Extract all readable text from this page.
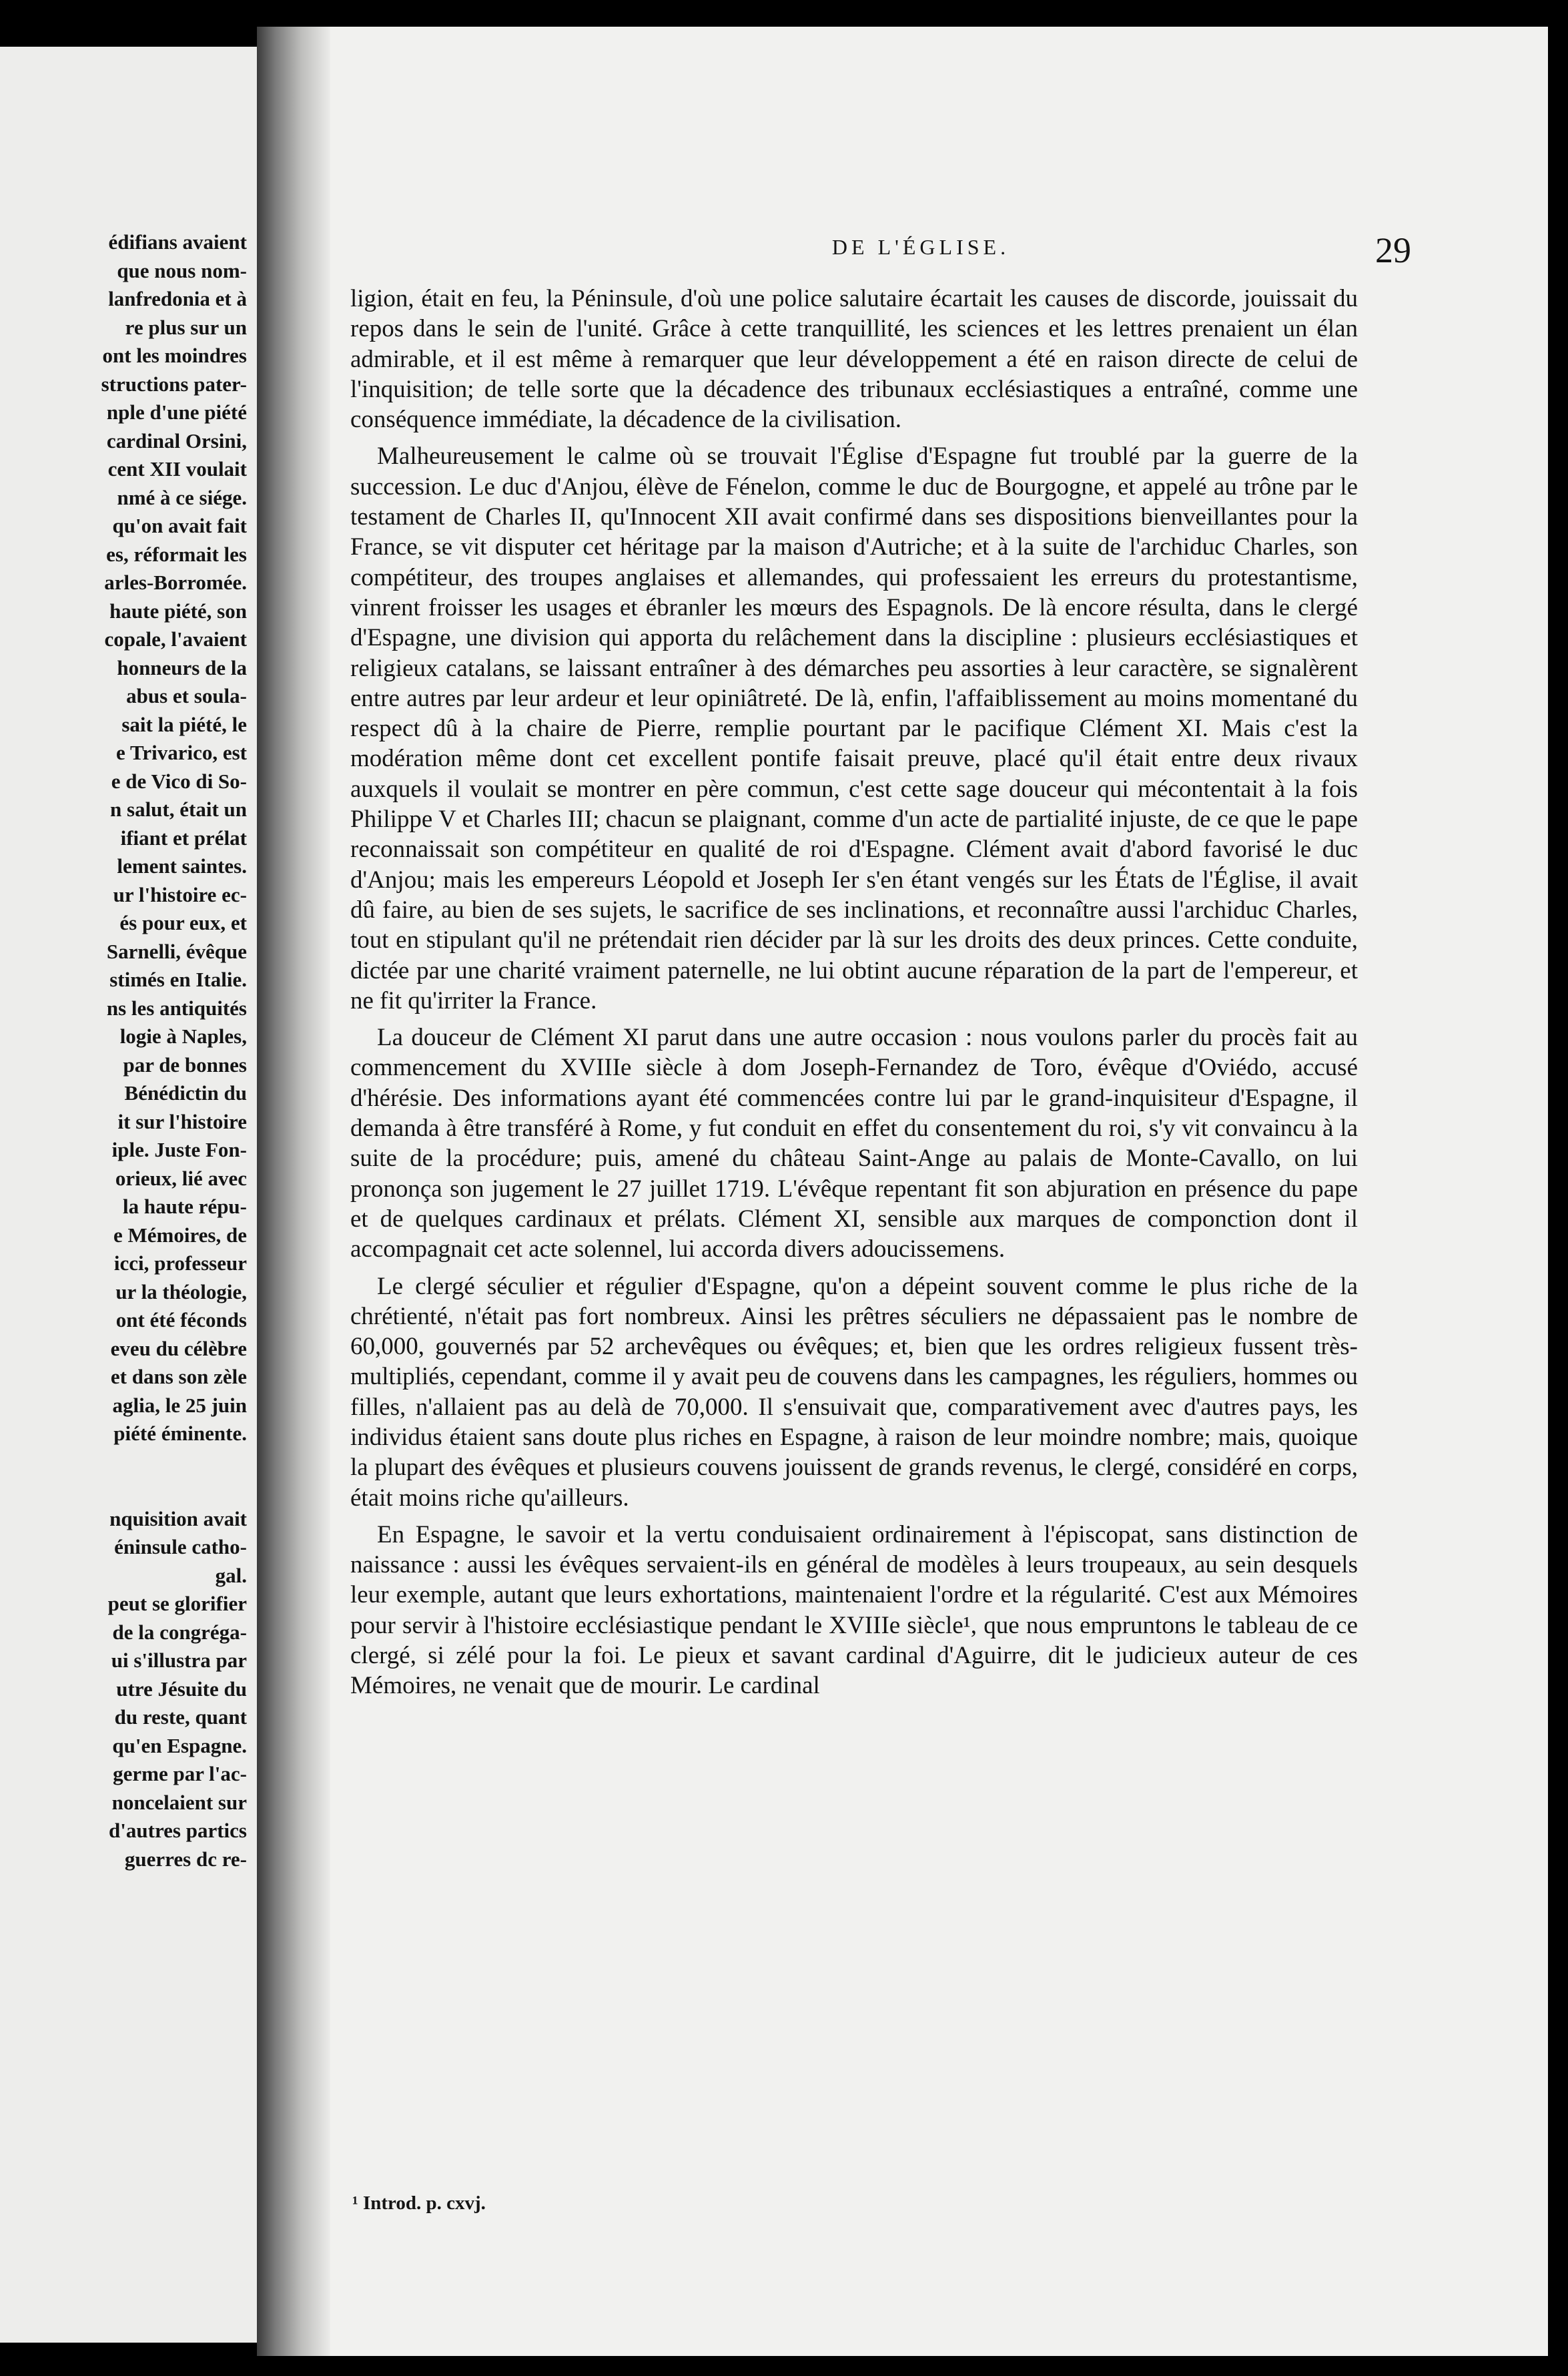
édifians avaient
que nous nom-
lanfredonia et à
re plus sur un
ont les moindres
structions pater-
nple d'une piété
cardinal Orsini,
cent XII voulait
nmé à ce siége.
qu'on avait fait
es, réformait les
arles-Borromée.
haute piété, son
copale, l'avaient
honneurs de la
abus et soula-
sait la piété, le
e Trivarico, est
e de Vico di So-
n salut, était un
ifiant et prélat
lement saintes.
ur l'histoire ec-
és pour eux, et
Sarnelli, évêque
stimés en Italie.
ns les antiquités
logie à Naples,
par de bonnes
Bénédictin du
it sur l'histoire
iple. Juste Fon-
orieux, lié avec
la haute répu-
e Mémoires, de
icci, professeur
ur la théologie,
ont été féconds
eveu du célèbre
et dans son zèle
aglia, le 25 juin
piété éminente.
nquisition avait
éninsule catho-
gal.
peut se glorifier
de la congréga-
ui s'illustra par
utre Jésuite du
du reste, quant
qu'en Espagne.
germe par l'ac-
noncelaient sur
d'autres partics
guerres dc re-
DE L'ÉGLISE.	29

ligion, était en feu, la Péninsule, d'où une police salutaire écartait les causes de discorde, jouissait du repos dans le sein de l'unité. Grâce à cette tranquillité, les sciences et les lettres prenaient un élan admirable, et il est même à remarquer que leur développement a été en raison directe de celui de l'inquisition; de telle sorte que la décadence des tribunaux ecclésiastiques a entraîné, comme une conséquence immédiate, la décadence de la civilisation.

Malheureusement le calme où se trouvait l'Église d'Espagne fut troublé par la guerre de la succession. Le duc d'Anjou, élève de Fénelon, comme le duc de Bourgogne, et appelé au trône par le testament de Charles II, qu'Innocent XII avait confirmé dans ses dispositions bienveillantes pour la France, se vit disputer cet héritage par la maison d'Autriche; et à la suite de l'archiduc Charles, son compétiteur, des troupes anglaises et allemandes, qui professaient les erreurs du protestantisme, vinrent froisser les usages et ébranler les mœurs des Espagnols. De là encore résulta, dans le clergé d'Espagne, une division qui apporta du relâchement dans la discipline : plusieurs ecclésiastiques et religieux catalans, se laissant entraîner à des démarches peu assorties à leur caractère, se signalèrent entre autres par leur ardeur et leur opiniâtreté. De là, enfin, l'affaiblissement au moins momentané du respect dû à la chaire de Pierre, remplie pourtant par le pacifique Clément XI. Mais c'est la modération même dont cet excellent pontife faisait preuve, placé qu'il était entre deux rivaux auxquels il voulait se montrer en père commun, c'est cette sage douceur qui mécontentait à la fois Philippe V et Charles III; chacun se plaignant, comme d'un acte de partialité injuste, de ce que le pape reconnaissait son compétiteur en qualité de roi d'Espagne. Clément avait d'abord favorisé le duc d'Anjou; mais les empereurs Léopold et Joseph Ier s'en étant vengés sur les États de l'Église, il avait dû faire, au bien de ses sujets, le sacrifice de ses inclinations, et reconnaître aussi l'archiduc Charles, tout en stipulant qu'il ne prétendait rien décider par là sur les droits des deux princes. Cette conduite, dictée par une charité vraiment paternelle, ne lui obtint aucune réparation de la part de l'empereur, et ne fit qu'irriter la France.

La douceur de Clément XI parut dans une autre occasion : nous voulons parler du procès fait au commencement du XVIIIe siècle à dom Joseph-Fernandez de Toro, évêque d'Oviédo, accusé d'hérésie. Des informations ayant été commencées contre lui par le grand-inquisiteur d'Espagne, il demanda à être transféré à Rome, y fut conduit en effet du consentement du roi, s'y vit convaincu à la suite de la procédure; puis, amené du château Saint-Ange au palais de Monte-Cavallo, on lui prononça son jugement le 27 juillet 1719. L'évêque repentant fit son abjuration en présence du pape et de quelques cardinaux et prélats. Clément XI, sensible aux marques de componction dont il accompagnait cet acte solennel, lui accorda divers adoucissemens.

Le clergé séculier et régulier d'Espagne, qu'on a dépeint souvent comme le plus riche de la chrétienté, n'était pas fort nombreux. Ainsi les prêtres séculiers ne dépassaient pas le nombre de 60,000, gouvernés par 52 archevêques ou évêques; et, bien que les ordres religieux fussent très-multipliés, cependant, comme il y avait peu de couvens dans les campagnes, les réguliers, hommes ou filles, n'allaient pas au delà de 70,000. Il s'ensuivait que, comparativement avec d'autres pays, les individus étaient sans doute plus riches en Espagne, à raison de leur moindre nombre; mais, quoique la plupart des évêques et plusieurs couvens jouissent de grands revenus, le clergé, considéré en corps, était moins riche qu'ailleurs.

En Espagne, le savoir et la vertu conduisaient ordinairement à l'épiscopat, sans distinction de naissance : aussi les évêques servaient-ils en général de modèles à leurs troupeaux, au sein desquels leur exemple, autant que leurs exhortations, maintenaient l'ordre et la régularité. C'est aux Mémoires pour servir à l'histoire ecclésiastique pendant le XVIIIe siècle¹, que nous empruntons le tableau de ce clergé, si zélé pour la foi. Le pieux et savant cardinal d'Aguirre, dit le judicieux auteur de ces Mémoires, ne venait que de mourir. Le cardinal

¹ Introd. p. cxvj.
